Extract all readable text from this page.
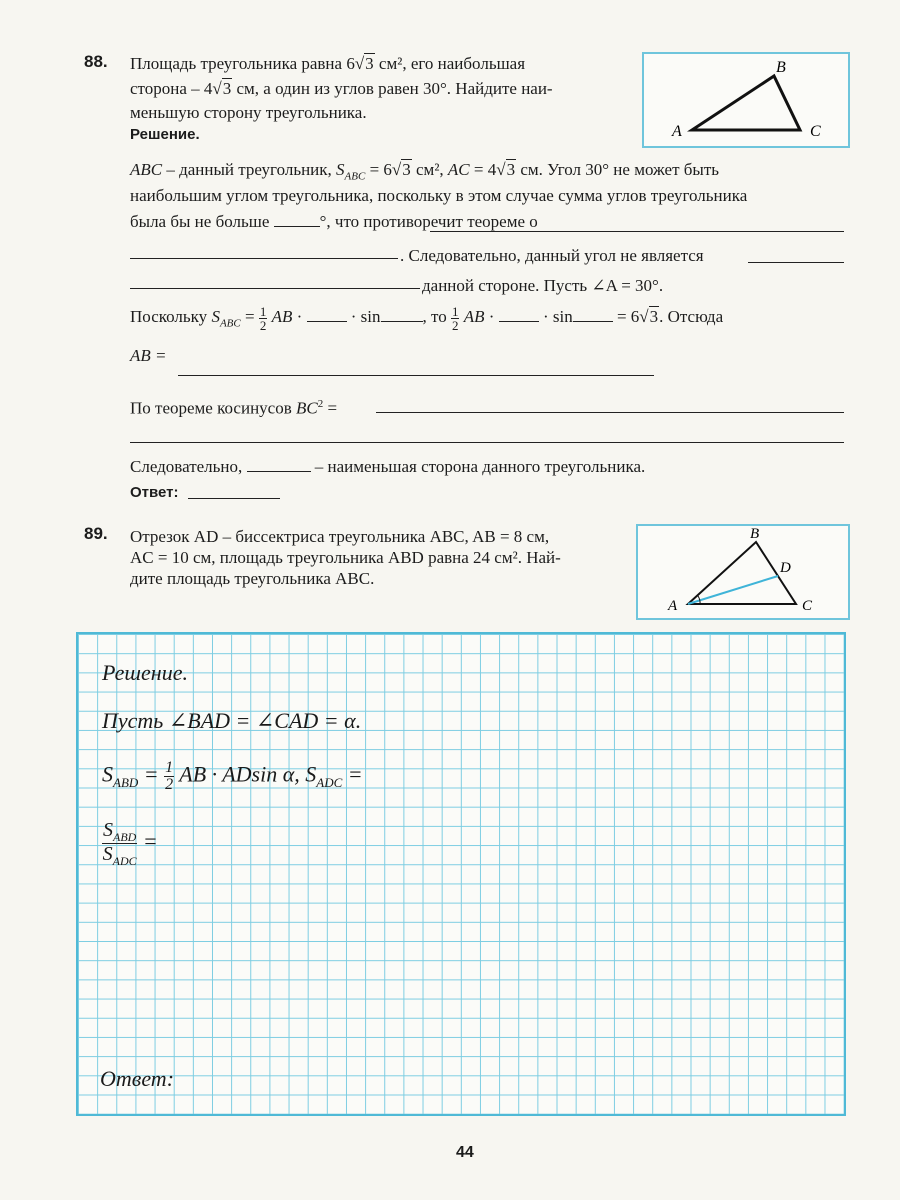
88. Площадь треугольника равна 6√3 см², его наибольшая
сторона – 4√3 см, а один из углов равен 30°. Найдите наи-
меньшую сторону треугольника.
A
B
C
Решение.
ABC – данный треугольник, $S_{ABC} = 6√3$ см², AC = 4√3 см. Угол 30° не может быть
наибольшим углом треугольника, поскольку в этом случае сумма углов треугольника
была бы не больше	°, что противоречит теореме о
. Следовательно, данный угол не является
данной стороне. Пусть ∠A = 30°.
Поскольку $S_{ABC} = \frac{1}{2}$ AB ·	· sin , то $\frac{1}{2}$ AB ·	· sin	= 6√3. Отсюда
AB =
По теореме косинусов $BC^2$ =
Следовательно,	– наименьшая сторона данного треугольника.
Ответ:
89. Отрезок AD – биссектриса треугольника ABC, AB = 8 см,
AC = 10 см, площадь треугольника ABD равна 24 см². Най-
дите площадь треугольника ABC.
A
B
C
D
Решение.
Пусть ∠BAD = ∠CAD = α.
$S_{ABD} = \frac{1}{2}$ AB · ADsin α, $S_{ADC}$ =
$\frac{S_{ABD}}{S_{ADC}}$ =
Ответ:
44
